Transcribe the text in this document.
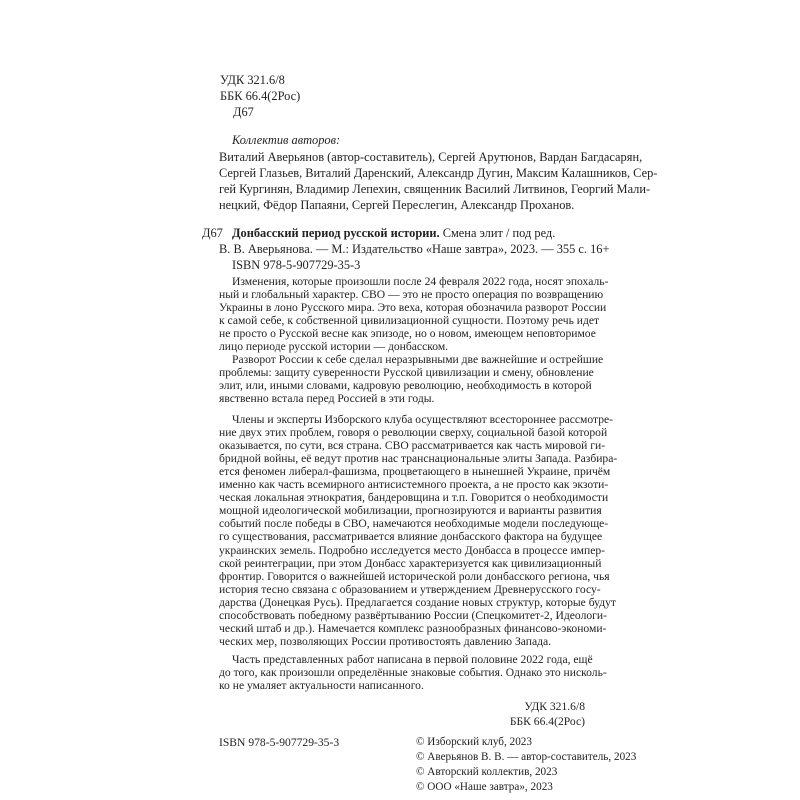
УДК 321.6/8
ББК 66.4(2Рос)
Д67
Коллектив авторов:
Виталий Аверьянов (автор-составитель), Сергей Арутюнов, Вардан Багдасарян,
Сергей Глазьев, Виталий Даренский, Александр Дугин, Максим Калашников, Сер-
гей Кургинян, Владимир Лепехин, священник Василий Литвинов, Георгий Мали-
нецкий, Фёдор Папаяни, Сергей Переслегин, Александр Проханов.
Д67 Донбасский период русской истории. Смена элит / под ред.
В. В. Аверьянова. — М.: Издательство «Наше завтра», 2023. — 355 с. 16+
ISBN 978-5-907729-35-3
Изменения, которые произошли после 24 февраля 2022 года, носят эпохаль-
ный и глобальный характер. СВО — это не просто операция по возвращению
Украины в лоно Русского мира. Это веха, которая обозначила разворот России
к самой себе, к собственной цивилизационной сущности. Поэтому речь идет
не просто о Русской весне как эпизоде, но о новом, имеющем неповторимое
лицо периоде русской истории — донбасском.
Разворот России к себе сделал неразрывными две важнейшие и острейшие
проблемы: защиту суверенности Русской цивилизации и смену, обновление
элит, или, иными словами, кадровую революцию, необходимость в которой
явственно встала перед Россией в эти годы.
Члены и эксперты Изборского клуба осуществляют всестороннее рассмотре-
ние двух этих проблем, говоря о революции сверху, социальной базой которой
оказывается, по сути, вся страна. СВО рассматривается как часть мировой ги-
бридной войны, её ведут против нас транснациональные элиты Запада. Разбира-
ется феномен либерал-фашизма, процветающего в нынешней Украине, причём
именно как часть всемирного антисистемного проекта, а не просто как экзоти-
ческая локальная этнократия, бандеровщина и т.п. Говорится о необходимости
мощной идеологической мобилизации, прогнозируются и варианты развития
событий после победы в СВО, намечаются необходимые модели последующе-
го существования, рассматривается влияние донбасского фактора на будущее
украинских земель. Подробно исследуется место Донбасса в процессе импер-
ской реинтеграции, при этом Донбасс характеризуется как цивилизационный
фронтир. Говорится о важнейшей исторической роли донбасского региона, чья
история тесно связана с образованием и утверждением Древнерусского госу-
дарства (Донецкая Русь). Предлагается создание новых структур, которые будут
способствовать победному развёртыванию России (Спецкомитет-2, Идеологи-
ческий штаб и др.). Намечается комплекс разнообразных финансово-экономи-
ческих мер, позволяющих России противостоять давлению Запада.
Часть представленных работ написана в первой половине 2022 года, ещё
до того, как произошли определённые знаковые события. Однако это нисколь-
ко не умаляет актуальности написанного.
УДК 321.6/8
ББК 66.4(2Рос)
ISBN 978-5-907729-35-3	© Изборский клуб, 2023
© Аверьянов В. В. — автор-составитель, 2023
© Авторский коллектив, 2023
© ООО «Наше завтра», 2023
